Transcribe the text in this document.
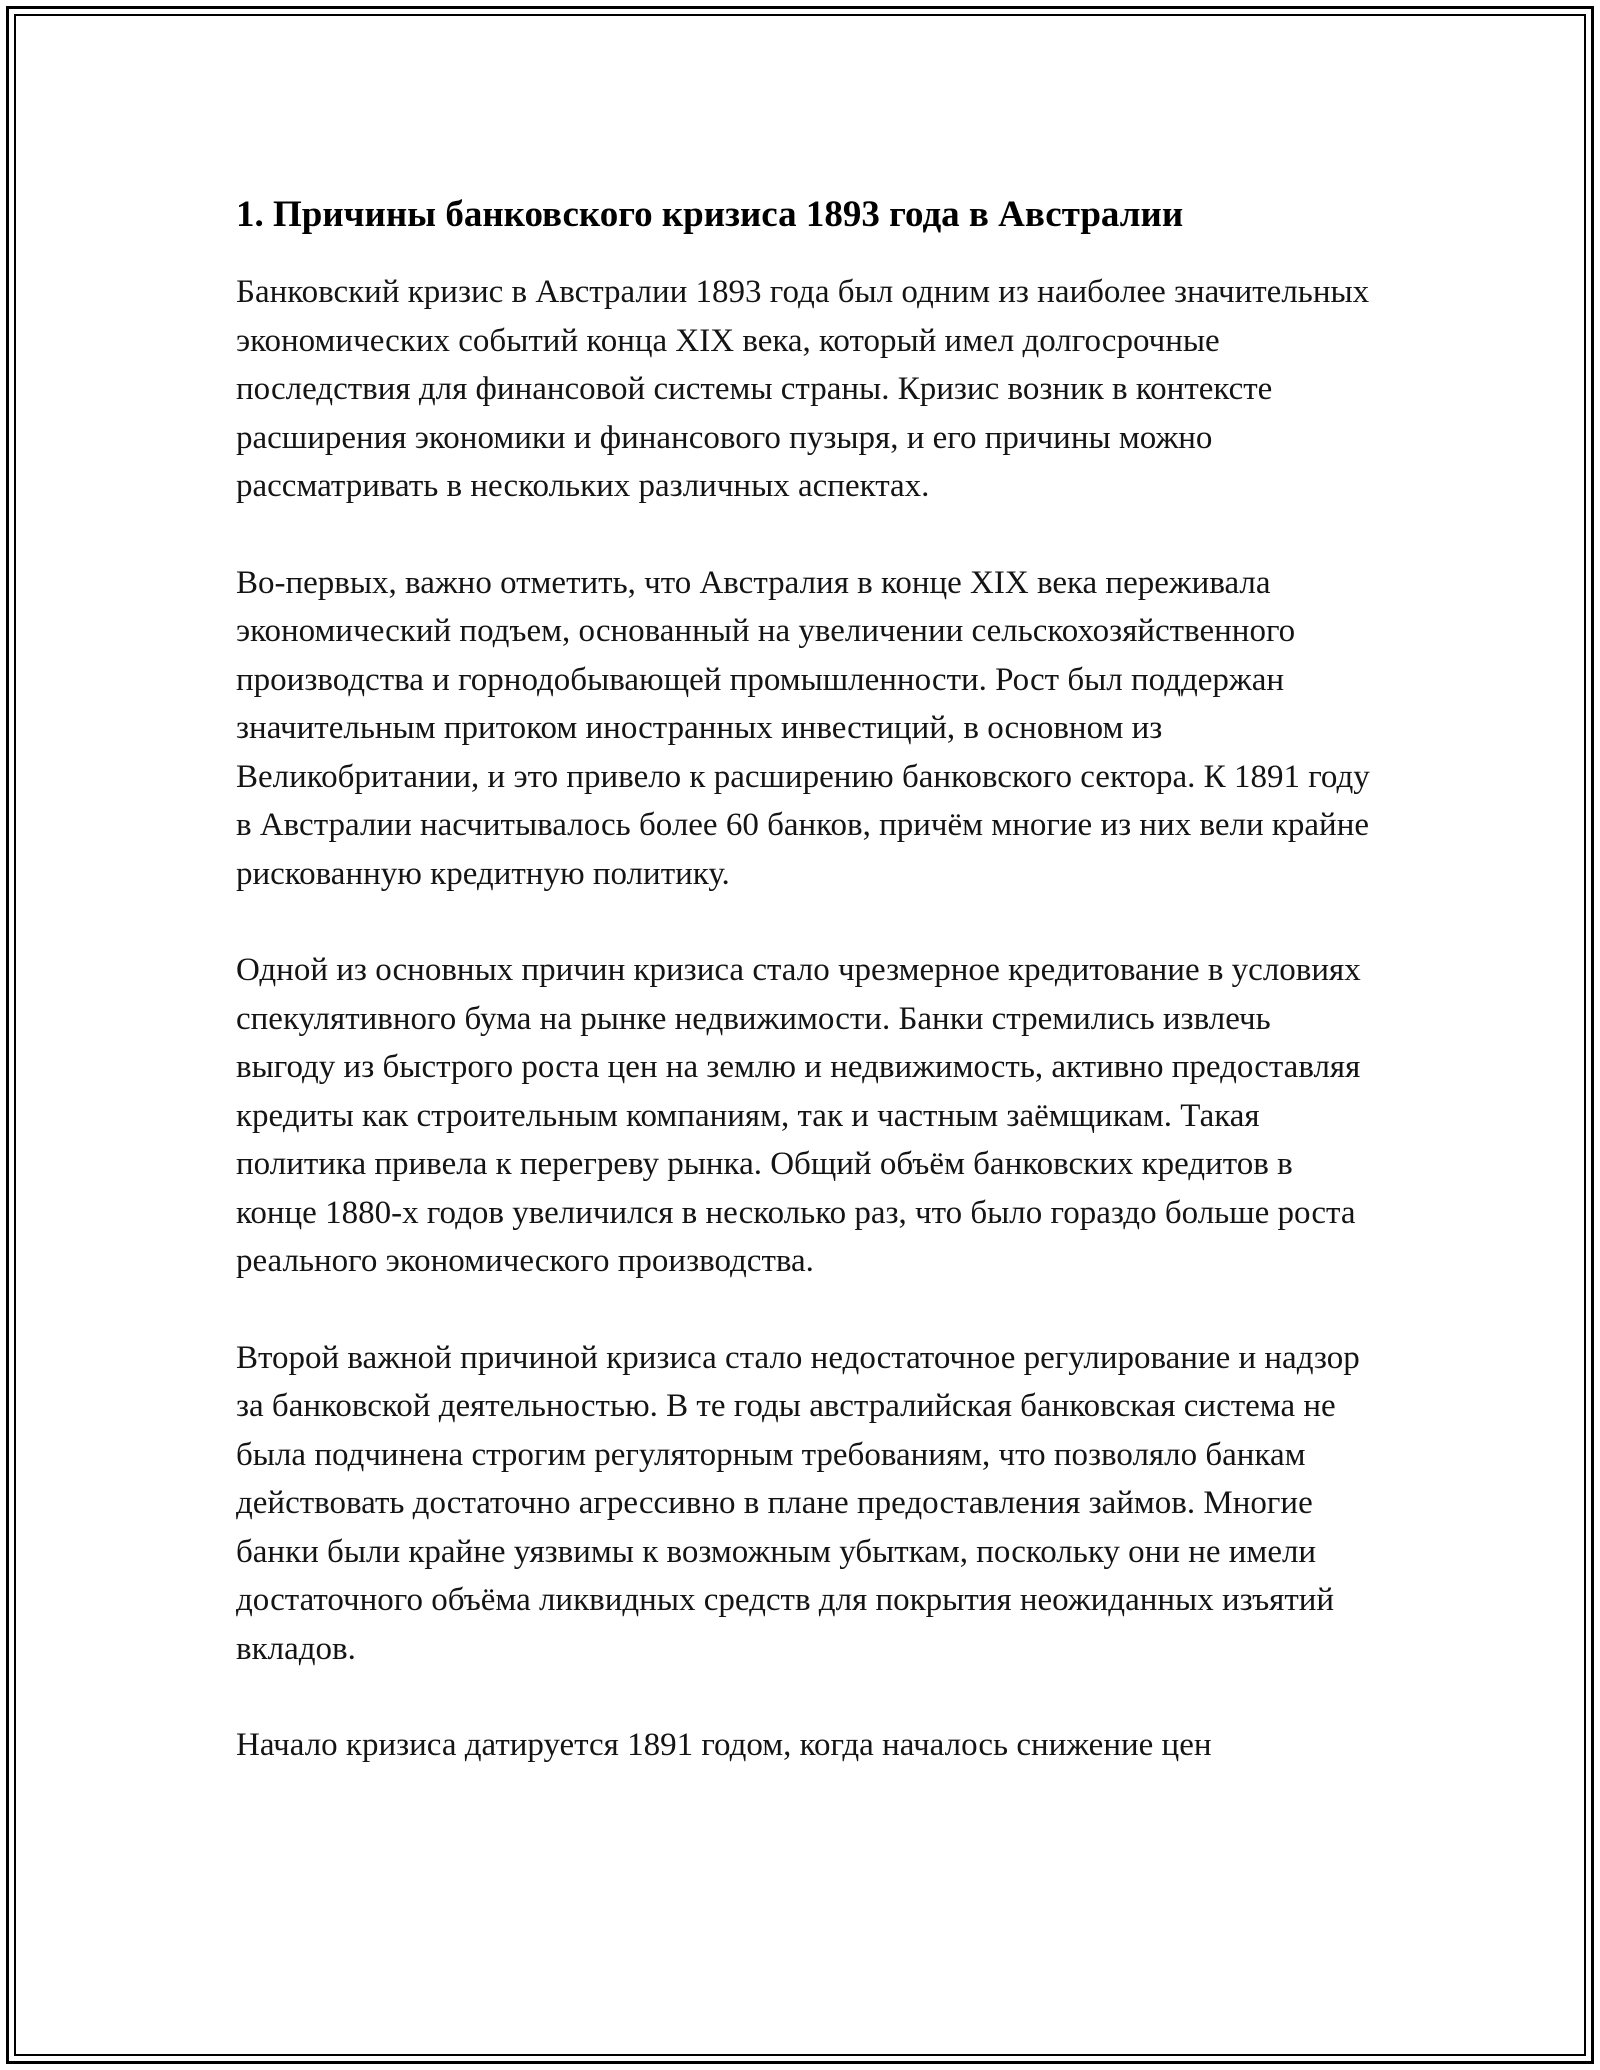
1. Причины банковского кризиса 1893 года в Австралии

Банковский кризис в Австралии 1893 года был одним из наиболее значительных экономических событий конца XIX века, который имел долгосрочные последствия для финансовой системы страны. Кризис возник в контексте расширения экономики и финансового пузыря, и его причины можно рассматривать в нескольких различных аспектах.

Во-первых, важно отметить, что Австралия в конце XIX века переживала экономический подъем, основанный на увеличении сельскохозяйственного производства и горнодобывающей промышленности. Рост был поддержан значительным притоком иностранных инвестиций, в основном из Великобритании, и это привело к расширению банковского сектора. К 1891 году в Австралии насчитывалось более 60 банков, причём многие из них вели крайне рискованную кредитную политику.

Одной из основных причин кризиса стало чрезмерное кредитование в условиях спекулятивного бума на рынке недвижимости. Банки стремились извлечь выгоду из быстрого роста цен на землю и недвижимость, активно предоставляя кредиты как строительным компаниям, так и частным заёмщикам. Такая политика привела к перегреву рынка. Общий объём банковских кредитов в конце 1880-х годов увеличился в несколько раз, что было гораздо больше роста реального экономического производства.

Второй важной причиной кризиса стало недостаточное регулирование и надзор за банковской деятельностью. В те годы австралийская банковская система не была подчинена строгим регуляторным требованиям, что позволяло банкам действовать достаточно агрессивно в плане предоставления займов. Многие банки были крайне уязвимы к возможным убыткам, поскольку они не имели достаточного объёма ликвидных средств для покрытия неожиданных изъятий вкладов.

Начало кризиса датируется 1891 годом, когда началось снижение цен
